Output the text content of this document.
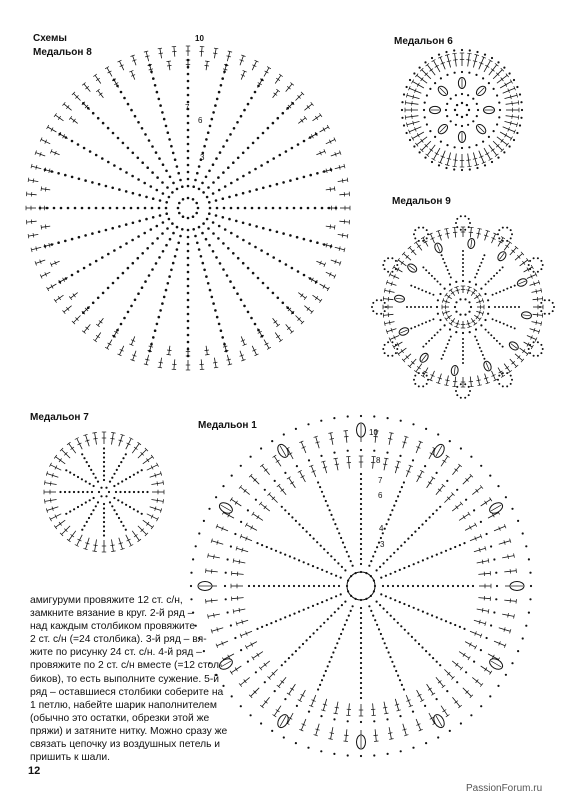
Схемы
Медальон 8
Медальон 6
Медальон 9
Медальон 7
Медальон 1
10
7
6
3
10
8
7
6
4
3
амигуруми провяжите 12 ст. с/н,
замкните вязание в круг. 2-й ряд –
над каждым столбиком провяжите
2 ст. с/н (=24 столбика). 3-й ряд – вя-
жите по рисунку 24 ст. с/н. 4-й ряд –
провяжите по 2 ст. с/н вместе (=12 стол-
биков), то есть выполните сужение. 5-й
ряд – оставшиеся столбики соберите на
1 петлю, набейте шарик наполнителем
(обычно это остатки, обрезки этой же
пряжи) и затяните нитку. Можно сразу же
связать цепочку из воздушных петель и
пришить к шали.
12
PassionForum.ru
